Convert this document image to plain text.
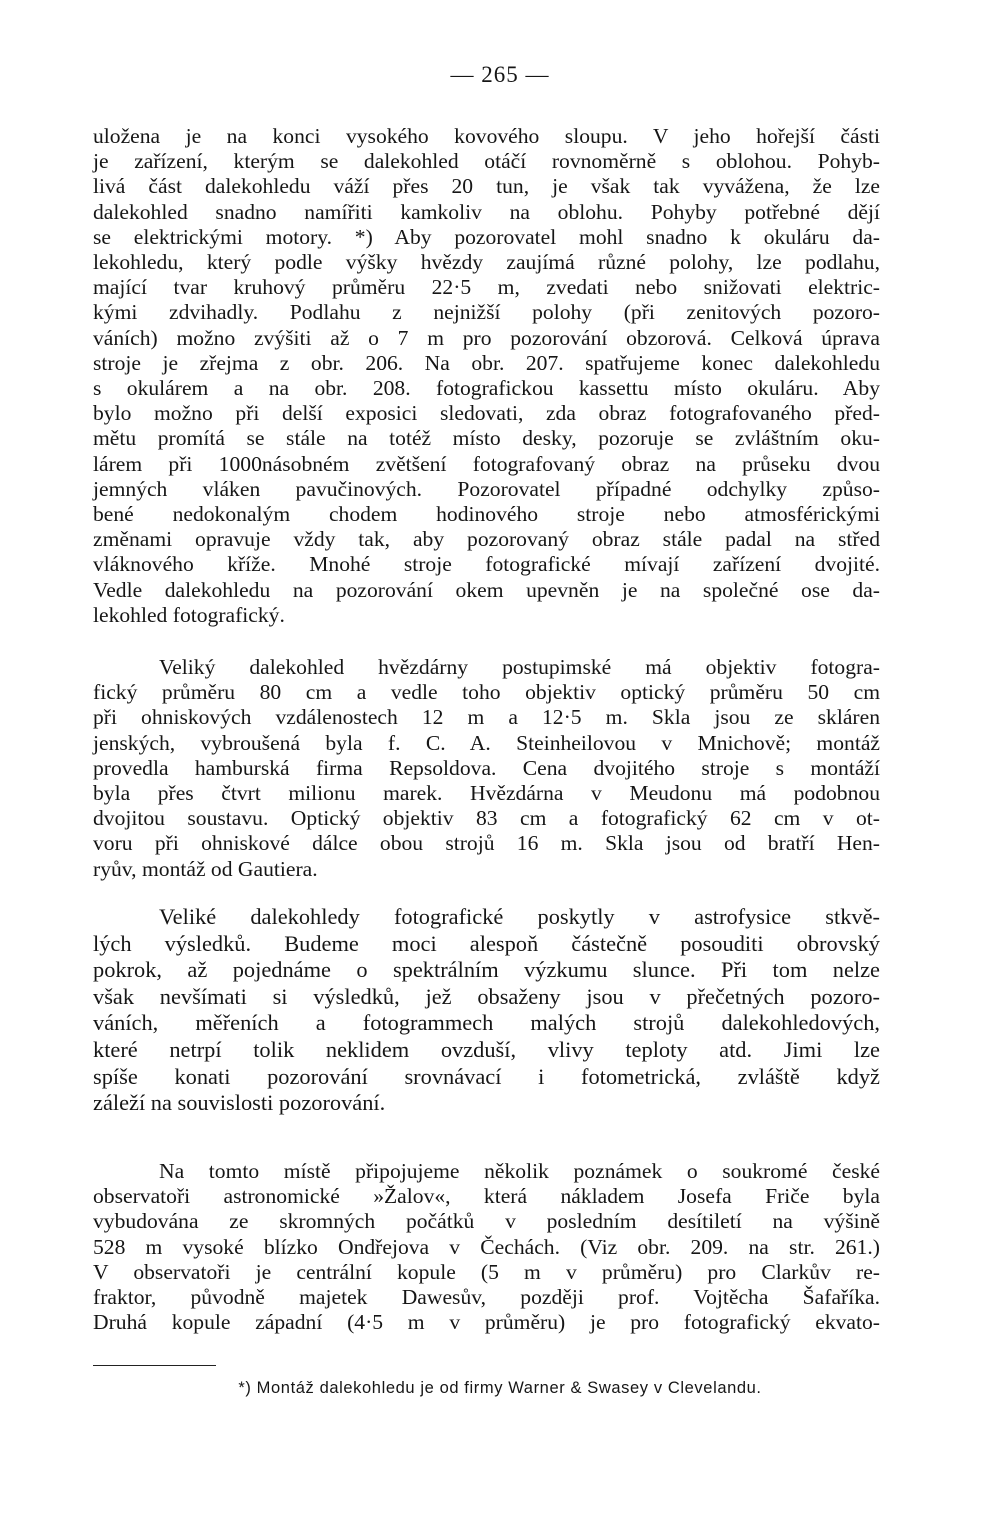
— 265 —

uložena je na konci vysokého kovového sloupu. V jeho hořejší části

je zařízení, kterým se dalekohled otáčí rovnoměrně s oblohou. Pohyb-

livá část dalekohledu váží přes 20 tun, je však tak vyvážena, že lze

dalekohled snadno namířiti kamkoliv na oblohu. Pohyby potřebné dějí

se elektrickými motory. *) Aby pozorovatel mohl snadno k okuláru da-

lekohledu, který podle výšky hvězdy zaujímá různé polohy, lze podlahu,

mající tvar kruhový průměru 22·5 m, zvedati nebo snižovati elektric-

kými zdvihadly. Podlahu z nejnižší polohy (při zenitových pozoro-

váních) možno zvýšiti až o 7 m pro pozorování obzorová. Celková úprava

stroje je zřejma z obr. 206. Na obr. 207. spatřujeme konec dalekohledu

s okulárem a na obr. 208. fotografickou kassettu místo okuláru. Aby

bylo možno při delší exposici sledovati, zda obraz fotografovaného před-

mětu promítá se stále na totéž místo desky, pozoruje se zvláštním oku-

lárem při 1000násobném zvětšení fotografovaný obraz na průseku dvou

jemných vláken pavučinových. Pozorovatel případné odchylky způso-

bené nedokonalým chodem hodinového stroje nebo atmosférickými

změnami opravuje vždy tak, aby pozorovaný obraz stále padal na střed

vláknového kříže. Mnohé stroje fotografické mívají zařízení dvojité.

Vedle dalekohledu na pozorování okem upevněn je na společné ose da-

lekohled fotografický.

Veliký dalekohled hvězdárny postupimské má objektiv fotogra-

fický průměru 80 cm a vedle toho objektiv optický průměru 50 cm

při ohniskových vzdálenostech 12 m a 12·5 m. Skla jsou ze skláren

jenských, vybroušená byla f. C. A. Steinheilovou v Mnichově; montáž

provedla hamburská firma Repsoldova. Cena dvojitého stroje s montáží

byla přes čtvrt milionu marek. Hvězdárna v Meudonu má podobnou

dvojitou soustavu. Optický objektiv 83 cm a fotografický 62 cm v ot-

voru při ohniskové dálce obou strojů 16 m. Skla jsou od bratří Hen-

ryův, montáž od Gautiera.

Veliké dalekohledy fotografické poskytly v astrofysice stkvě-

lých výsledků. Budeme moci alespoň částečně posouditi obrovský

pokrok, až pojednáme o spektrálním výzkumu slunce. Při tom nelze

však nevšímati si výsledků, jež obsaženy jsou v přečetných pozoro-

váních, měřeních a fotogrammech malých strojů dalekohledových,

které netrpí tolik neklidem ovzduší, vlivy teploty atd. Jimi lze

spíše konati pozorování srovnávací i fotometrická, zvláště když

záleží na souvislosti pozorování.

Na tomto místě připojujeme několik poznámek o soukromé české

observatoři astronomické »Žalov«, která nákladem Josefa Friče byla

vybudována ze skromných počátků v posledním desítiletí na výšině

528 m vysoké blízko Ondřejova v Čechách. (Viz obr. 209. na str. 261.)

V observatoři je centrální kopule (5 m v průměru) pro Clarkův re-

fraktor, původně majetek Dawesův, později prof. Vojtěcha Šafaříka.

Druhá kopule západní (4·5 m v průměru) je pro fotografický ekvato-

*) Montáž dalekohledu je od firmy Warner & Swasey v Clevelandu.
